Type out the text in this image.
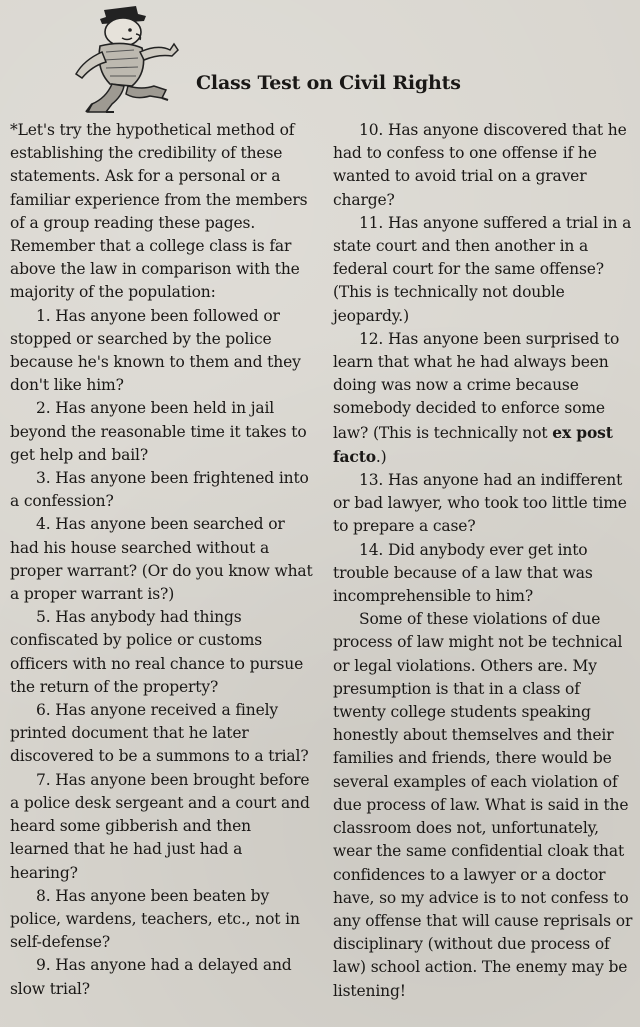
Class Test on Civil Rights

*Let's try the hypothetical method of establishing the credibility of these statements. Ask for a personal or a familiar experience from the members of a group reading these pages. Remember that a college class is far above the law in comparison with the majority of the population:

1. Has anyone been followed or stopped or searched by the police because he's known to them and they don't like him?

2. Has anyone been held in jail beyond the reasonable time it takes to get help and bail?

3. Has anyone been frightened into a confession?

4. Has anyone been searched or had his house searched without a proper warrant? (Or do you know what a proper warrant is?)

5. Has anybody had things confiscated by police or customs officers with no real chance to pursue the return of the property?

6. Has anyone received a finely printed document that he later discovered to be a summons to a trial?

7. Has anyone been brought before a police desk sergeant and a court and heard some gibberish and then learned that he had just had a hearing?

8. Has anyone been beaten by police, wardens, teachers, etc., not in self-defense?

9. Has anyone had a delayed and slow trial?

10. Has anyone discovered that he had to confess to one offense if he wanted to avoid trial on a graver charge?

11. Has anyone suffered a trial in a state court and then another in a federal court for the same offense? (This is technically not double jeopardy.)

12. Has anyone been surprised to learn that what he had always been doing was now a crime because somebody decided to enforce some law? (This is technically not ex post facto.)

13. Has anyone had an indifferent or bad lawyer, who took too little time to prepare a case?

14. Did anybody ever get into trouble because of a law that was incomprehensible to him?

Some of these violations of due process of law might not be technical or legal violations. Others are. My presumption is that in a class of twenty college students speaking honestly about themselves and their families and friends, there would be several examples of each violation of due process of law. What is said in the classroom does not, unfortunately, wear the same confidential cloak that confidences to a lawyer or a doctor have, so my advice is to not confess to any offense that will cause reprisals or disciplinary (without due process of law) school action. The enemy may be listening!
